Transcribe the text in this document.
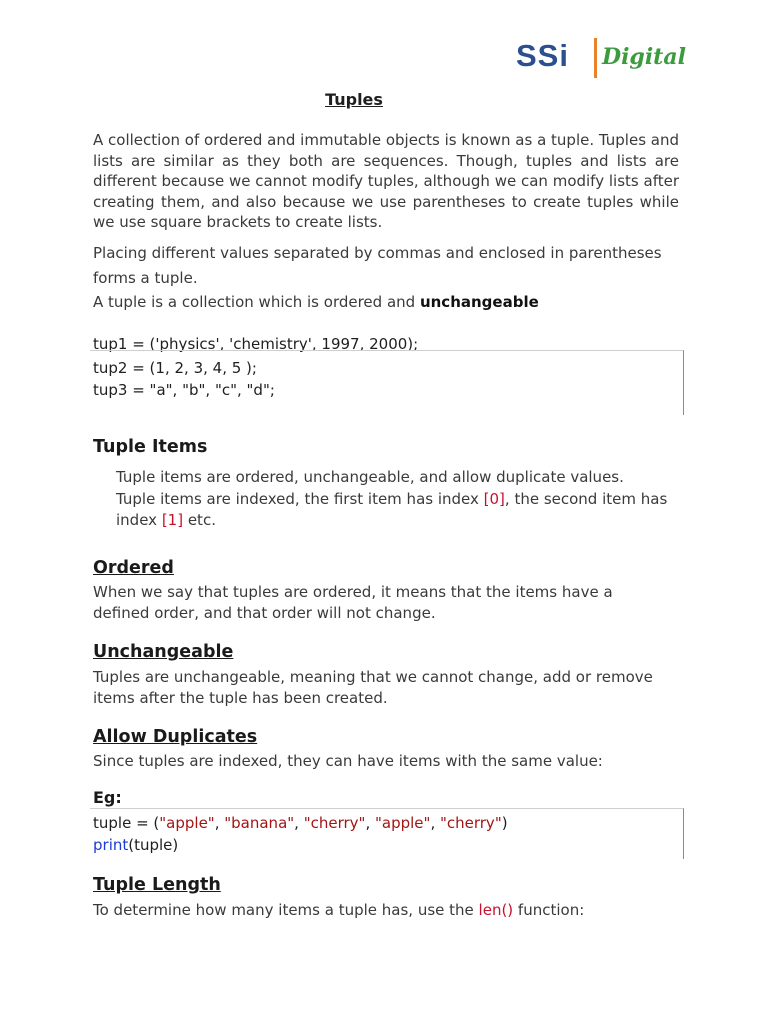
SSi Digital
Tuples
A collection of ordered and immutable objects is known as a tuple. Tuples and lists are similar as they both are sequences. Though, tuples and lists are different because we cannot modify tuples, although we can modify lists after creating them, and also because we use parentheses to create tuples while we use square brackets to create lists.
Placing different values separated by commas and enclosed in parentheses
forms a tuple.
A tuple is a collection which is ordered and unchangeable
tup1 = ('physics', 'chemistry', 1997, 2000);
tup2 = (1, 2, 3, 4, 5 );
tup3 = "a", "b", "c", "d";
Tuple Items
Tuple items are ordered, unchangeable, and allow duplicate values.
Tuple items are indexed, the first item has index [0], the second item has
index [1] etc.
Ordered
When we say that tuples are ordered, it means that the items have a defined order, and that order will not change.
Unchangeable
Tuples are unchangeable, meaning that we cannot change, add or remove items after the tuple has been created.
Allow Duplicates
Since tuples are indexed, they can have items with the same value:
Eg:
tuple = ("apple", "banana", "cherry", "apple", "cherry")
print(tuple)
Tuple Length
To determine how many items a tuple has, use the len() function:
